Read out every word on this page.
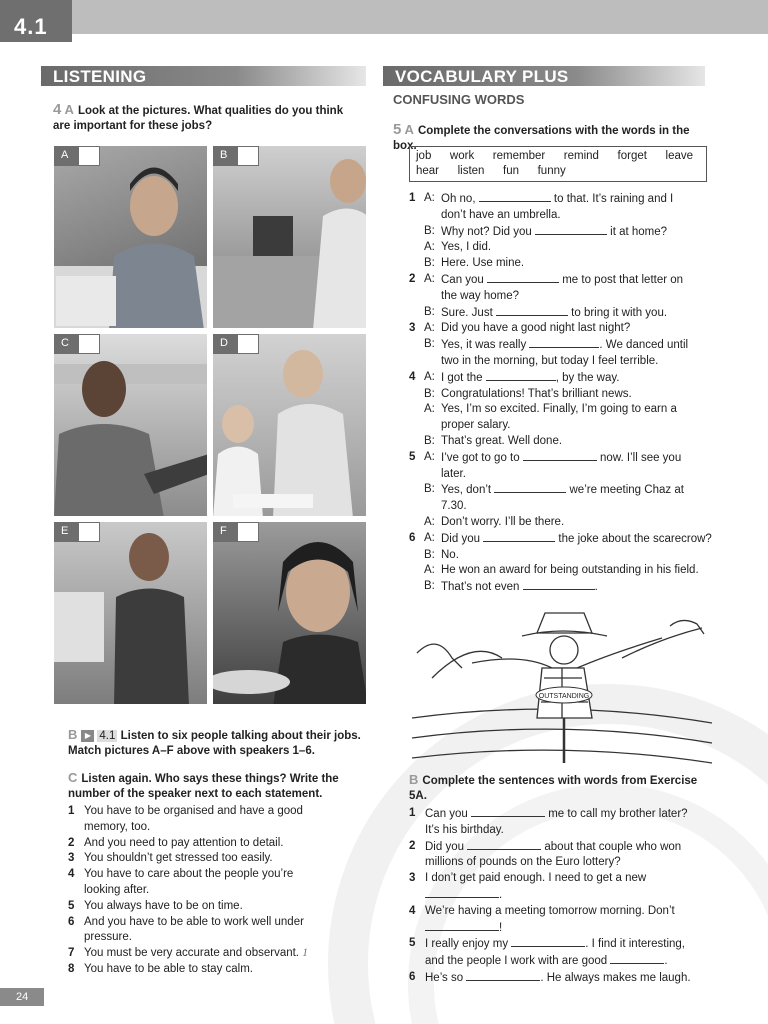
4.1
LISTENING
4 A Look at the pictures. What qualities do you think are important for these jobs?
A	B
C	D
E	F
B ▶ 4.1 Listen to six people talking about their jobs. Match pictures A–F above with speakers 1–6.
C Listen again. Who says these things? Write the number of the speaker next to each statement.
1 You have to be organised and have a good memory, too.
2 And you need to pay attention to detail.
3 You shouldn’t get stressed too easily.
4 You have to care about the people you’re looking after.
5 You always have to be on time.
6 And you have to be able to work well under pressure.
7 You must be very accurate and observant. 1
8 You have to be able to stay calm.
VOCABULARY PLUS
CONFUSING WORDS
5 A Complete the conversations with the words in the box.
job   work   remember   remind   forget   leave
hear   listen   fun   funny
1 A: Oh no,	to that. It’s raining and I
don’t have an umbrella.
B: Why not? Did you	it at home?
A: Yes, I did.
B: Here. Use mine.
2 A: Can you	me to post that letter on
the way home?
B: Sure. Just	to bring it with you.
3 A: Did you have a good night last night?
B: Yes, it was really	. We danced until
two in the morning, but today I feel terrible.
4 A: I got the	, by the way.
B: Congratulations! That’s brilliant news.
A: Yes, I’m so excited. Finally, I’m going to earn a
proper salary.
B: That’s great. Well done.
5 A: I’ve got to go to	now. I’ll see you
later.
B: Yes, don’t	we’re meeting Chaz at
7.30.
A: Don’t worry. I’ll be there.
6 A: Did you	the joke about the scarecrow?
B: No.
A: He won an award for being outstanding in his field.
B: That’s not even	.
OUTSTANDING
B Complete the sentences with words from Exercise 5A.
1 Can you	me to call my brother later?
It’s his birthday.
2 Did you	about that couple who won
millions of pounds on the Euro lottery?
3 I don’t get paid enough. I need to get a new
.
4 We’re having a meeting tomorrow morning. Don’t
!
5 I really enjoy my	. I find it interesting,
and the people I work with are good	.
6 He’s so	. He always makes me laugh.
24
